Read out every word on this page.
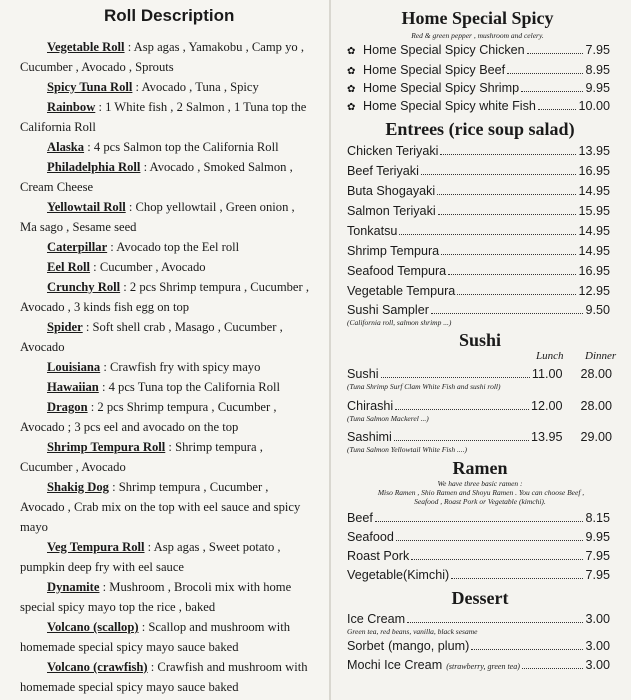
Roll Description
Vegetable Roll : Asp agas , Yamakobu , Camp yo , Cucumber , Avocado , Sprouts
Spicy Tuna Roll : Avocado , Tuna , Spicy
Rainbow : 1 White fish , 2 Salmon , 1 Tuna top the California Roll
Alaska : 4 pcs Salmon top the California Roll
Philadelphia Roll : Avocado , Smoked Salmon , Cream Cheese
Yellowtail Roll : Chop yellowtail , Green onion , Ma sago , Sesame seed
Caterpillar : Avocado top the Eel roll
Eel Roll : Cucumber , Avocado
Crunchy Roll : 2 pcs Shrimp tempura , Cucumber , Avocado , 3 kinds fish egg on top
Spider : Soft shell crab , Masago , Cucumber , Avocado
Louisiana : Crawfish fry with spicy mayo
Hawaiian : 4 pcs Tuna top the California Roll
Dragon : 2 pcs Shrimp tempura , Cucumber , Avocado ; 3 pcs eel and avocado on the top
Shrimp Tempura Roll : Shrimp tempura , Cucumber , Avocado
Shakig Dog : Shrimp tempura , Cucumber , Avocado , Crab mix on the top with eel sauce and spicy mayo
Veg Tempura Roll : Asp agas , Sweet potato , pumpkin deep fry with eel sauce
Dynamite : Mushroom , Brocoli mix with home special spicy mayo top the rice , baked
Volcano (scallop) : Scallop and mushroom with homemade special spicy mayo sauce baked
Volcano (crawfish) : Crawfish and mushroom with homemade special spicy mayo sauce baked
Home Special Spicy
Red & green pepper , mushroom and celery.
✿ Home Special Spicy Chicken	7.95
✿ Home Special Spicy Beef	8.95
✿ Home Special Spicy Shrimp	9.95
✿ Home Special Spicy white Fish	10.00
Entrees (rice soup salad)
Chicken Teriyaki	13.95
Beef Teriyaki	16.95
Buta Shogayaki	14.95
Salmon Teriyaki	15.95
Tonkatsu	14.95
Shrimp Tempura	14.95
Seafood Tempura	16.95
Vegetable Tempura	12.95
Sushi Sampler	9.50
(California roll, salmon shrimp ...)
Sushi
Lunch Dinner
Sushi	11.00 28.00
(Tuna Shrimp Surf Clam White Fish and sushi roll)
Chirashi	12.00 28.00
(Tuna Salmon Mackerel ...)
Sashimi	13.95 29.00
(Tuna Salmon Yellowtail White Fish ....)
Ramen
We have three basic ramen :
Miso Ramen , Shio Ramen and Shoyu Ramen . You can choose Beef ,
Seafood , Roast Pork or Vegetable (kimchi).
Beef	8.15
Seafood	9.95
Roast Pork	7.95
Vegetable(Kimchi)	7.95
Dessert
Ice Cream	3.00
Green tea, red beans, vanilla, black sesame
Sorbet (mango, plum)	3.00
Mochi Ice Cream (strawberry, green tea)	3.00
